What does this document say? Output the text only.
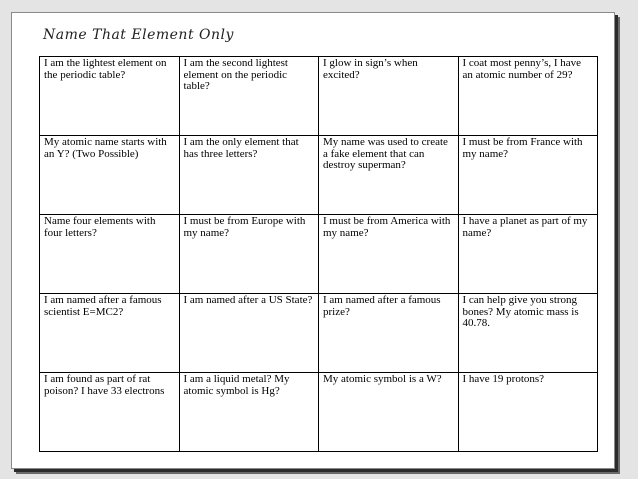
Name That Element Only
I am the lightest element on the periodic table?	I am the second lightest element on the periodic table?	I glow in sign’s when excited?	I coat most penny’s, I have an atomic number of 29?
My atomic name starts with an Y? (Two Possible)	I am the only element that has three letters?	My name was used to create a fake element that can destroy superman?	I must be from France with my name?
Name four elements with four letters?	I must be from Europe with my name?	I must be from America with my name?	I have a planet as part of my name?
I am named after a famous scientist E=MC2?	I am named after a US State?	I am named after a famous prize?	I can help give you strong bones? My atomic mass is 40.78.
I am found as part of rat poison? I have 33 electrons	I am a liquid metal? My atomic symbol is Hg?	My atomic symbol is a W?	I have 19 protons?
